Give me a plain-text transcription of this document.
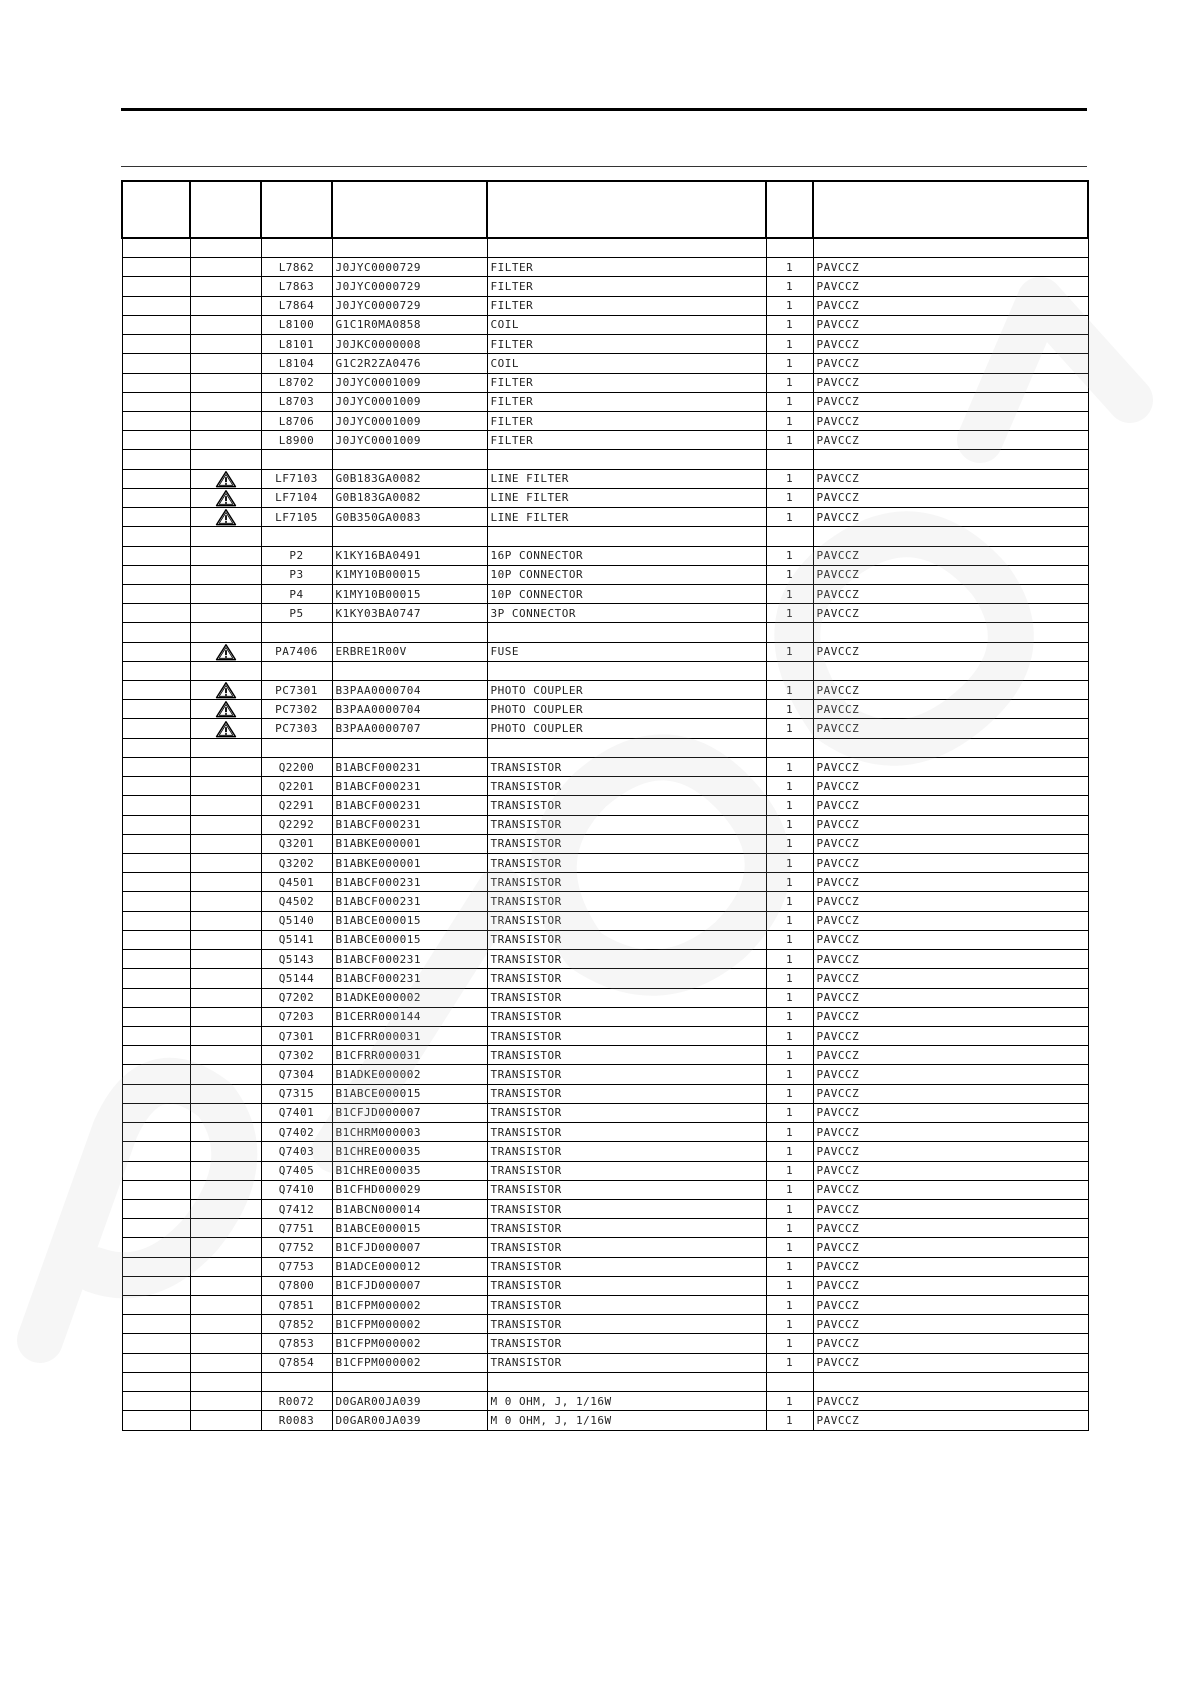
		L7862	J0JYC0000729	FILTER	1	PAVCCZ
		L7863	J0JYC0000729	FILTER	1	PAVCCZ
		L7864	J0JYC0000729	FILTER	1	PAVCCZ
		L8100	G1C1R0MA0858	COIL	1	PAVCCZ
		L8101	J0JKC0000008	FILTER	1	PAVCCZ
		L8104	G1C2R2ZA0476	COIL	1	PAVCCZ
		L8702	J0JYC0001009	FILTER	1	PAVCCZ
		L8703	J0JYC0001009	FILTER	1	PAVCCZ
		L8706	J0JYC0001009	FILTER	1	PAVCCZ
		L8900	J0JYC0001009	FILTER	1	PAVCCZ

		LF7103	G0B183GA0082	LINE FILTER	1	PAVCCZ
		LF7104	G0B183GA0082	LINE FILTER	1	PAVCCZ
		LF7105	G0B350GA0083	LINE FILTER	1	PAVCCZ

		P2	K1KY16BA0491	16P CONNECTOR	1	PAVCCZ
		P3	K1MY10B00015	10P CONNECTOR	1	PAVCCZ
		P4	K1MY10B00015	10P CONNECTOR	1	PAVCCZ
		P5	K1KY03BA0747	3P CONNECTOR	1	PAVCCZ

		PA7406	ERBRE1R00V	FUSE	1	PAVCCZ

		PC7301	B3PAA0000704	PHOTO COUPLER	1	PAVCCZ
		PC7302	B3PAA0000704	PHOTO COUPLER	1	PAVCCZ
		PC7303	B3PAA0000707	PHOTO COUPLER	1	PAVCCZ

		Q2200	B1ABCF000231	TRANSISTOR	1	PAVCCZ
		Q2201	B1ABCF000231	TRANSISTOR	1	PAVCCZ
		Q2291	B1ABCF000231	TRANSISTOR	1	PAVCCZ
		Q2292	B1ABCF000231	TRANSISTOR	1	PAVCCZ
		Q3201	B1ABKE000001	TRANSISTOR	1	PAVCCZ
		Q3202	B1ABKE000001	TRANSISTOR	1	PAVCCZ
		Q4501	B1ABCF000231	TRANSISTOR	1	PAVCCZ
		Q4502	B1ABCF000231	TRANSISTOR	1	PAVCCZ
		Q5140	B1ABCE000015	TRANSISTOR	1	PAVCCZ
		Q5141	B1ABCE000015	TRANSISTOR	1	PAVCCZ
		Q5143	B1ABCF000231	TRANSISTOR	1	PAVCCZ
		Q5144	B1ABCF000231	TRANSISTOR	1	PAVCCZ
		Q7202	B1ADKE000002	TRANSISTOR	1	PAVCCZ
		Q7203	B1CERR000144	TRANSISTOR	1	PAVCCZ
		Q7301	B1CFRR000031	TRANSISTOR	1	PAVCCZ
		Q7302	B1CFRR000031	TRANSISTOR	1	PAVCCZ
		Q7304	B1ADKE000002	TRANSISTOR	1	PAVCCZ
		Q7315	B1ABCE000015	TRANSISTOR	1	PAVCCZ
		Q7401	B1CFJD000007	TRANSISTOR	1	PAVCCZ
		Q7402	B1CHRM000003	TRANSISTOR	1	PAVCCZ
		Q7403	B1CHRE000035	TRANSISTOR	1	PAVCCZ
		Q7405	B1CHRE000035	TRANSISTOR	1	PAVCCZ
		Q7410	B1CFHD000029	TRANSISTOR	1	PAVCCZ
		Q7412	B1ABCN000014	TRANSISTOR	1	PAVCCZ
		Q7751	B1ABCE000015	TRANSISTOR	1	PAVCCZ
		Q7752	B1CFJD000007	TRANSISTOR	1	PAVCCZ
		Q7753	B1ADCE000012	TRANSISTOR	1	PAVCCZ
		Q7800	B1CFJD000007	TRANSISTOR	1	PAVCCZ
		Q7851	B1CFPM000002	TRANSISTOR	1	PAVCCZ
		Q7852	B1CFPM000002	TRANSISTOR	1	PAVCCZ
		Q7853	B1CFPM000002	TRANSISTOR	1	PAVCCZ
		Q7854	B1CFPM000002	TRANSISTOR	1	PAVCCZ

		R0072	D0GAR00JA039	M 0 OHM, J, 1/16W	1	PAVCCZ
		R0083	D0GAR00JA039	M 0 OHM, J, 1/16W	1	PAVCCZ
